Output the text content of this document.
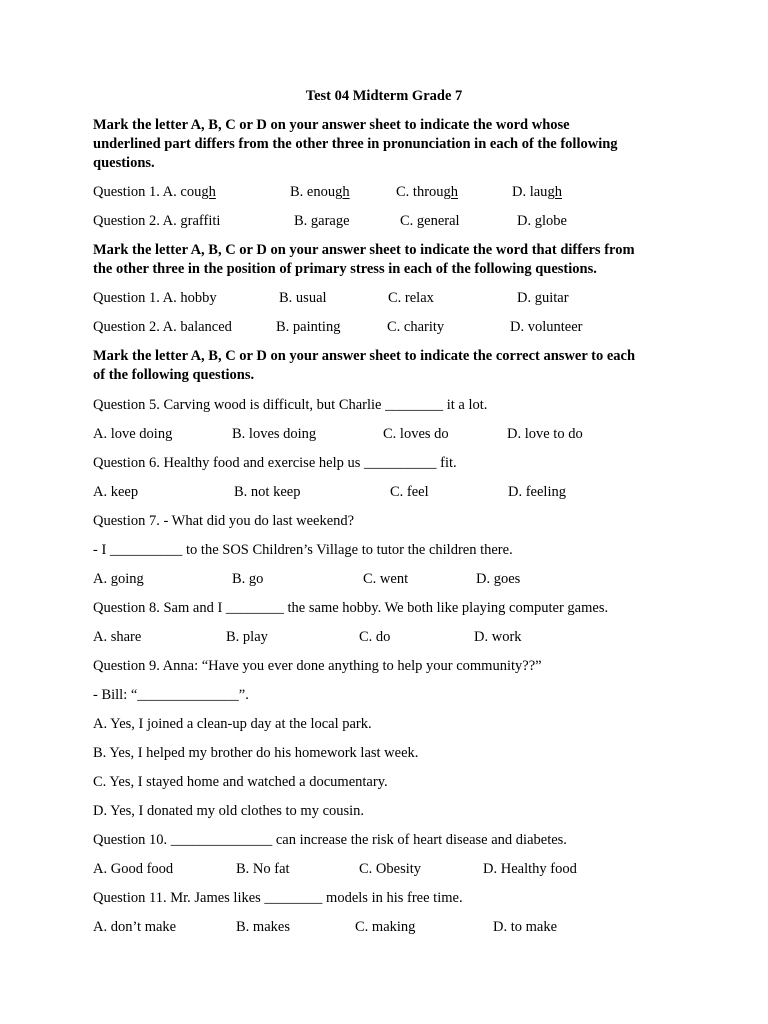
Test 04 Midterm Grade 7
Mark the letter A, B, C or D on your answer sheet to indicate the word whose
underlined part differs from the other three in pronunciation in each of the following
questions.
Question 1. A. cough	B. enough	C. through	D. laugh
Question 2. A. graffiti	B. garage	C. general	D. globe
Mark the letter A, B, C or D on your answer sheet to indicate the word that differs from
the other three in the position of primary stress in each of the following questions.
Question 1. A. hobby	B. usual	C. relax	D. guitar
Question 2. A. balanced	B. painting	C. charity	D. volunteer
Mark the letter A, B, C or D on your answer sheet to indicate the correct answer to each
of the following questions.
Question 5. Carving wood is difficult, but Charlie ________ it a lot.
A. love doing	B. loves doing	C. loves do	D. love to do
Question 6. Healthy food and exercise help us __________ fit.
A. keep	B. not keep	C. feel	D. feeling
Question 7. - What did you do last weekend?
- I __________ to the SOS Children’s Village to tutor the children there.
A. going	B. go	C. went	D. goes
Question 8. Sam and I ________ the same hobby. We both like playing computer games.
A. share	B. play	C. do	D. work
Question 9. Anna: “Have you ever done anything to help your community??”
- Bill: “______________”.
A. Yes, I joined a clean-up day at the local park.
B. Yes, I helped my brother do his homework last week.
C. Yes, I stayed home and watched a documentary.
D. Yes, I donated my old clothes to my cousin.
Question 10. ______________ can increase the risk of heart disease and diabetes.
A. Good food	B. No fat	C. Obesity	D. Healthy food
Question 11. Mr. James likes ________ models in his free time.
A. don’t make	B. makes	C. making	D. to make
